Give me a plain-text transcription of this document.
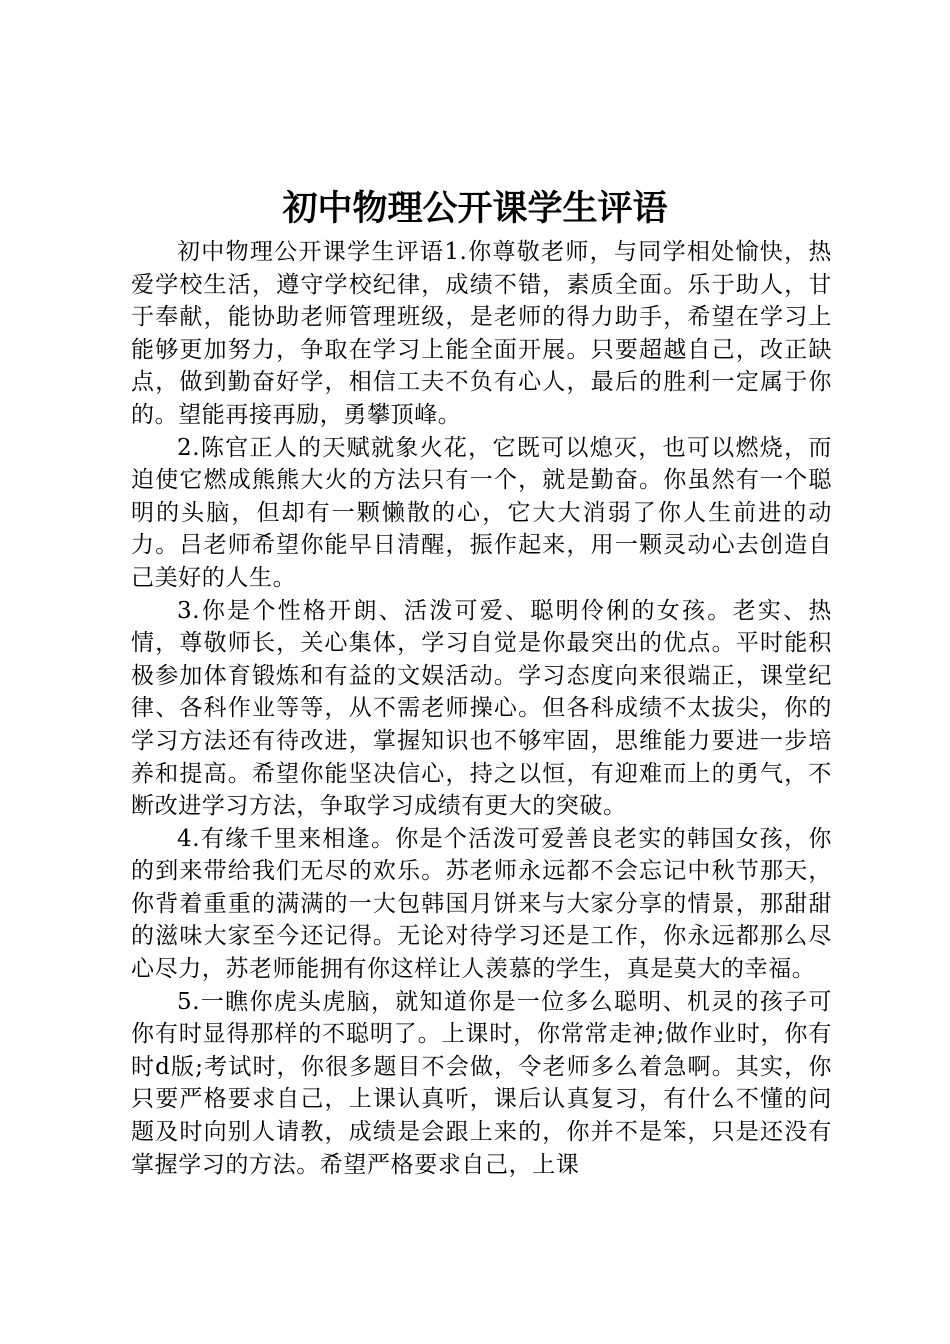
初中物理公开课学生评语

初中物理公开课学生评语1.你尊敬老师，与同学相处愉快，热爱学校生活，遵守学校纪律，成绩不错，素质全面。乐于助人，甘于奉献，能协助老师管理班级，是老师的得力助手，希望在学习上能够更加努力，争取在学习上能全面开展。只要超越自己，改正缺点，做到勤奋好学，相信工夫不负有心人，最后的胜利一定属于你的。望能再接再励，勇攀顶峰。

2.陈官正人的天赋就象火花，它既可以熄灭，也可以燃烧，而迫使它燃成熊熊大火的方法只有一个，就是勤奋。你虽然有一个聪明的头脑，但却有一颗懒散的心，它大大消弱了你人生前进的动力。吕老师希望你能早日清醒，振作起来，用一颗灵动心去创造自己美好的人生。

3.你是个性格开朗、活泼可爱、聪明伶俐的女孩。老实、热情，尊敬师长，关心集体，学习自觉是你最突出的优点。平时能积极参加体育锻炼和有益的文娱活动。学习态度向来很端正，课堂纪律、各科作业等等，从不需老师操心。但各科成绩不太拔尖，你的学习方法还有待改进，掌握知识也不够牢固，思维能力要进一步培养和提高。希望你能坚决信心，持之以恒，有迎难而上的勇气，不断改进学习方法，争取学习成绩有更大的突破。

4.有缘千里来相逢。你是个活泼可爱善良老实的韩国女孩，你的到来带给我们无尽的欢乐。苏老师永远都不会忘记中秋节那天，你背着重重的满满的一大包韩国月饼来与大家分享的情景，那甜甜的滋味大家至今还记得。无论对待学习还是工作，你永远都那么尽心尽力，苏老师能拥有你这样让人羡慕的学生，真是莫大的幸福。

5.一瞧你虎头虎脑，就知道你是一位多么聪明、机灵的孩子可你有时显得那样的不聪明了。上课时，你常常走神;做作业时，你有时d版;考试时，你很多题目不会做，令老师多么着急啊。其实，你只要严格要求自己，上课认真听，课后认真复习，有什么不懂的问题及时向别人请教，成绩是会跟上来的，你并不是笨，只是还没有掌握学习的方法。希望严格要求自己，上课
